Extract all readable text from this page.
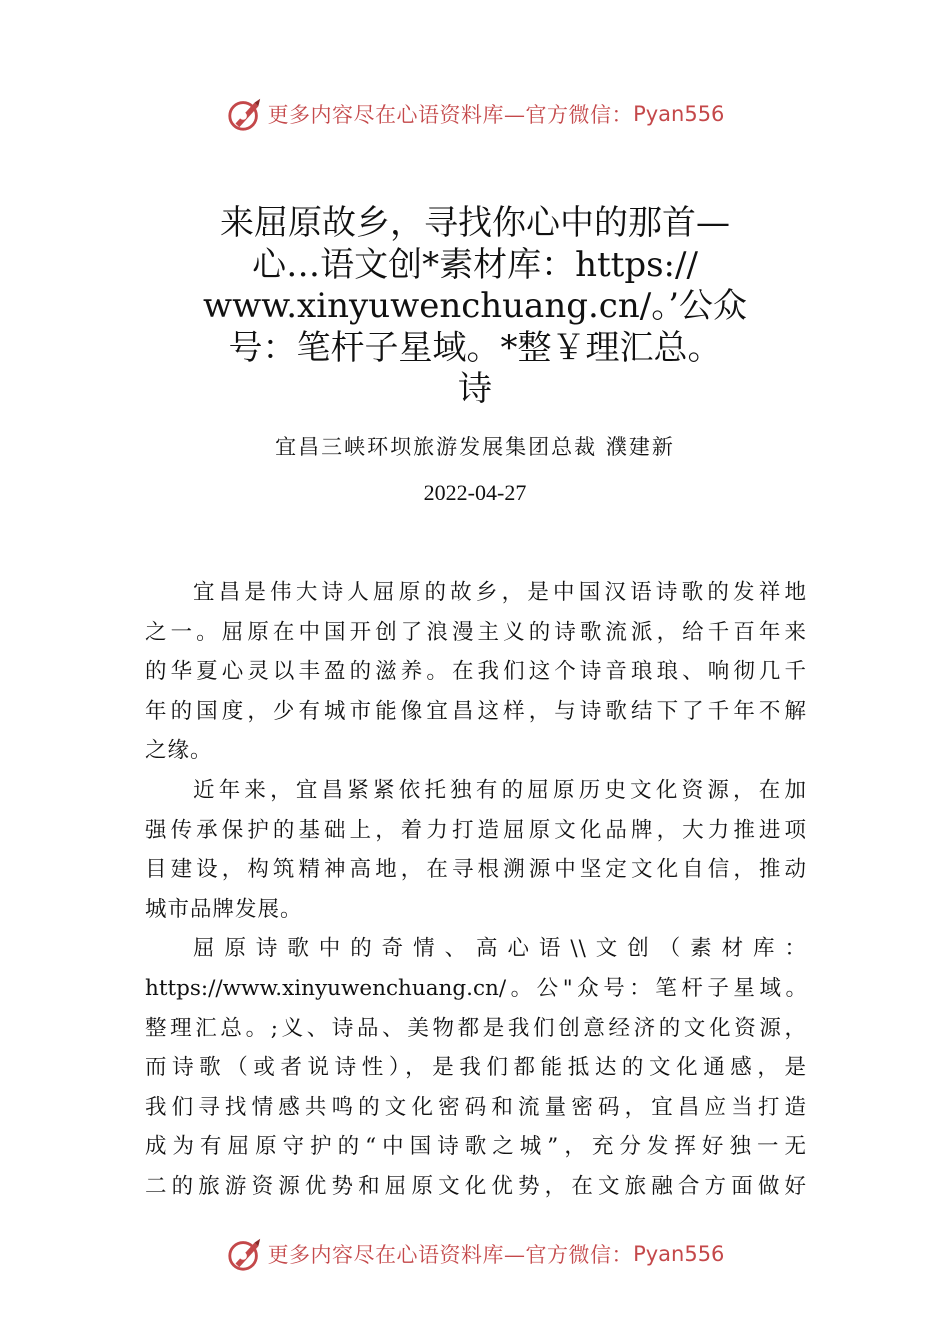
更多内容尽在心语资料库—官方微信： Pyan556
来屈原故乡，寻找你心中的那首—
心…语文创*素材库：https://
www.xinyuwenchuang.cn/。’公众
号：笔杆子星域。*整￥理汇总。
诗
宜昌三峡环坝旅游发展集团总裁 濮建新
2022-04-27
宜昌是伟大诗人屈原的故乡，是中国汉语诗歌的发祥地
之一。屈原在中国开创了浪漫主义的诗歌流派，给千百年来
的华夏心灵以丰盈的滋养。在我们这个诗音琅琅、响彻几千
年的国度，少有城市能像宜昌这样，与诗歌结下了千年不解
之缘。
近年来，宜昌紧紧依托独有的屈原历史文化资源，在加
强传承保护的基础上，着力打造屈原文化品牌，大力推进项
目建设，构筑精神高地，在寻根溯源中坚定文化自信，推动
城市品牌发展。
屈原诗歌中的奇情、高心语\\文创（素材库：
https://www.xinyuwenchuang.cn/。公"众号：笔杆子星域。
整理汇总。;义、诗品、美物都是我们创意经济的文化资源，
而诗歌（或者说诗性），是我们都能抵达的文化通感，是
我们寻找情感共鸣的文化密码和流量密码，宜昌应当打造
成为有屈原守护的“中国诗歌之城”，充分发挥好独一无
二的旅游资源优势和屈原文化优势，在文旅融合方面做好
更多内容尽在心语资料库—官方微信： Pyan556
